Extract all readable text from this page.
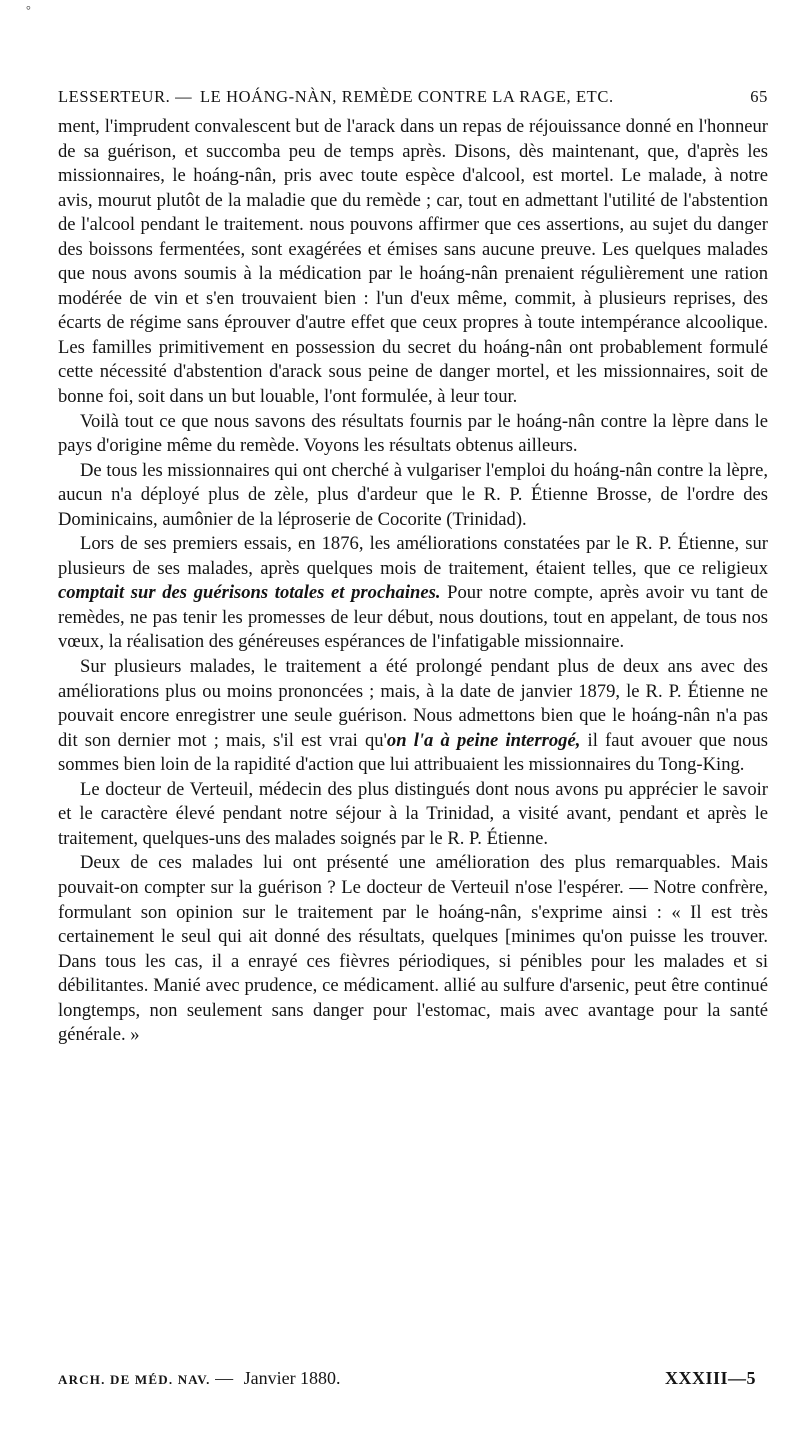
°
LESSERTEUR. — LE HOÁNG-NÀN, REMÈDE CONTRE LA RAGE, ETC.	65

ment, l'imprudent convalescent but de l'arack dans un repas de réjouissance donné en l'honneur de sa guérison, et succomba peu de temps après. Disons, dès maintenant, que, d'après les missionnaires, le hoáng-nân, pris avec toute espèce d'alcool, est mortel. Le malade, à notre avis, mourut plutôt de la maladie que du remède ; car, tout en admettant l'utilité de l'abstention de l'alcool pendant le traitement. nous pouvons affirmer que ces assertions, au sujet du danger des boissons fermentées, sont exagérées et émises sans aucune preuve. Les quelques malades que nous avons soumis à la médication par le hoáng-nân prenaient régulièrement une ration modérée de vin et s'en trouvaient bien : l'un d'eux même, commit, à plusieurs reprises, des écarts de régime sans éprouver d'autre effet que ceux propres à toute intempérance alcoolique. Les familles primitivement en possession du secret du hoáng-nân ont probablement formulé cette nécessité d'abstention d'arack sous peine de danger mortel, et les missionnaires, soit de bonne foi, soit dans un but louable, l'ont formulée, à leur tour.

Voilà tout ce que nous savons des résultats fournis par le hoáng-nân contre la lèpre dans le pays d'origine même du remède. Voyons les résultats obtenus ailleurs.

De tous les missionnaires qui ont cherché à vulgariser l'emploi du hoáng-nân contre la lèpre, aucun n'a déployé plus de zèle, plus d'ardeur que le R. P. Étienne Brosse, de l'ordre des Dominicains, aumônier de la léproserie de Cocorite (Trinidad).

Lors de ses premiers essais, en 1876, les améliorations constatées par le R. P. Étienne, sur plusieurs de ses malades, après quelques mois de traitement, étaient telles, que ce religieux comptait sur des guérisons totales et prochaines. Pour notre compte, après avoir vu tant de remèdes, ne pas tenir les promesses de leur début, nous doutions, tout en appelant, de tous nos vœux, la réalisation des généreuses espérances de l'infatigable missionnaire.

Sur plusieurs malades, le traitement a été prolongé pendant plus de deux ans avec des améliorations plus ou moins prononcées ; mais, à la date de janvier 1879, le R. P. Étienne ne pouvait encore enregistrer une seule guérison. Nous admettons bien que le hoáng-nân n'a pas dit son dernier mot ; mais, s'il est vrai qu'on l'a à peine interrogé, il faut avouer que nous sommes bien loin de la rapidité d'action que lui attribuaient les missionnaires du Tong-King.

Le docteur de Verteuil, médecin des plus distingués dont nous avons pu apprécier le savoir et le caractère élevé pendant notre séjour à la Trinidad, a visité avant, pendant et après le traitement, quelques-uns des malades soignés par le R. P. Étienne.

Deux de ces malades lui ont présenté une amélioration des plus remarquables. Mais pouvait-on compter sur la guérison ? Le docteur de Verteuil n'ose l'espérer. — Notre confrère, formulant son opinion sur le traitement par le hoáng-nân, s'exprime ainsi : « Il est très certainement le seul qui ait donné des résultats, quelques [minimes qu'on puisse les trouver. Dans tous les cas, il a enrayé ces fièvres périodiques, si pénibles pour les malades et si débilitantes. Manié avec prudence, ce médicament. allié au sulfure d'arsenic, peut être continué longtemps, non seulement sans danger pour l'estomac, mais avec avantage pour la santé générale. »

ARCH. DE MÉD. NAV. — Janvier 1880.	XXXIII—5
